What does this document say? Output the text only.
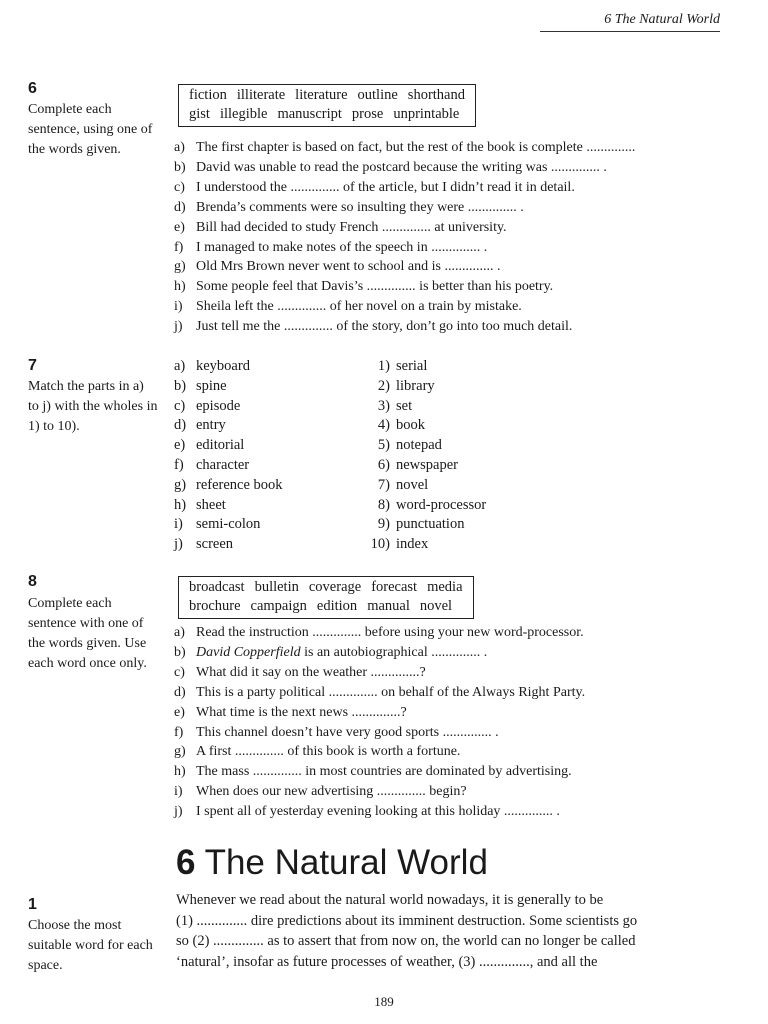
6 The Natural World
6
Complete each sentence, using one of the words given.
fiction illiterate literature outline shorthand
gist illegible manuscript prose unprintable
a) The first chapter is based on fact, but the rest of the book is complete ..............
b) David was unable to read the postcard because the writing was .............. .
c) I understood the .............. of the article, but I didn’t read it in detail.
d) Brenda’s comments were so insulting they were .............. .
e) Bill had decided to study French .............. at university.
f) I managed to make notes of the speech in .............. .
g) Old Mrs Brown never went to school and is .............. .
h) Some people feel that Davis’s .............. is better than his poetry.
i) Sheila left the .............. of her novel on a train by mistake.
j) Just tell me the .............. of the story, don’t go into too much detail.
7
Match the parts in a) to j) with the wholes in 1) to 10).
a) keyboard
b) spine
c) episode
d) entry
e) editorial
f) character
g) reference book
h) sheet
i) semi-colon
j) screen
1) serial
2) library
3) set
4) book
5) notepad
6) newspaper
7) novel
8) word-processor
9) punctuation
10) index
8
Complete each sentence with one of the words given. Use each word once only.
broadcast bulletin coverage forecast media
brochure campaign edition manual novel
a) Read the instruction .............. before using your new word-processor.
b) David Copperfield is an autobiographical .............. .
c) What did it say on the weather ..............?
d) This is a party political .............. on behalf of the Always Right Party.
e) What time is the next news ..............?
f) This channel doesn’t have very good sports .............. .
g) A first .............. of this book is worth a fortune.
h) The mass .............. in most countries are dominated by advertising.
i) When does our new advertising .............. begin?
j) I spent all of yesterday evening looking at this holiday .............. .
6 The Natural World
1
Choose the most suitable word for each space.
Whenever we read about the natural world nowadays, it is generally to be
(1) .............. dire predictions about its imminent destruction. Some scientists go
so (2) .............. as to assert that from now on, the world can no longer be called
‘natural’, insofar as future processes of weather, (3) .............., and all the
189
